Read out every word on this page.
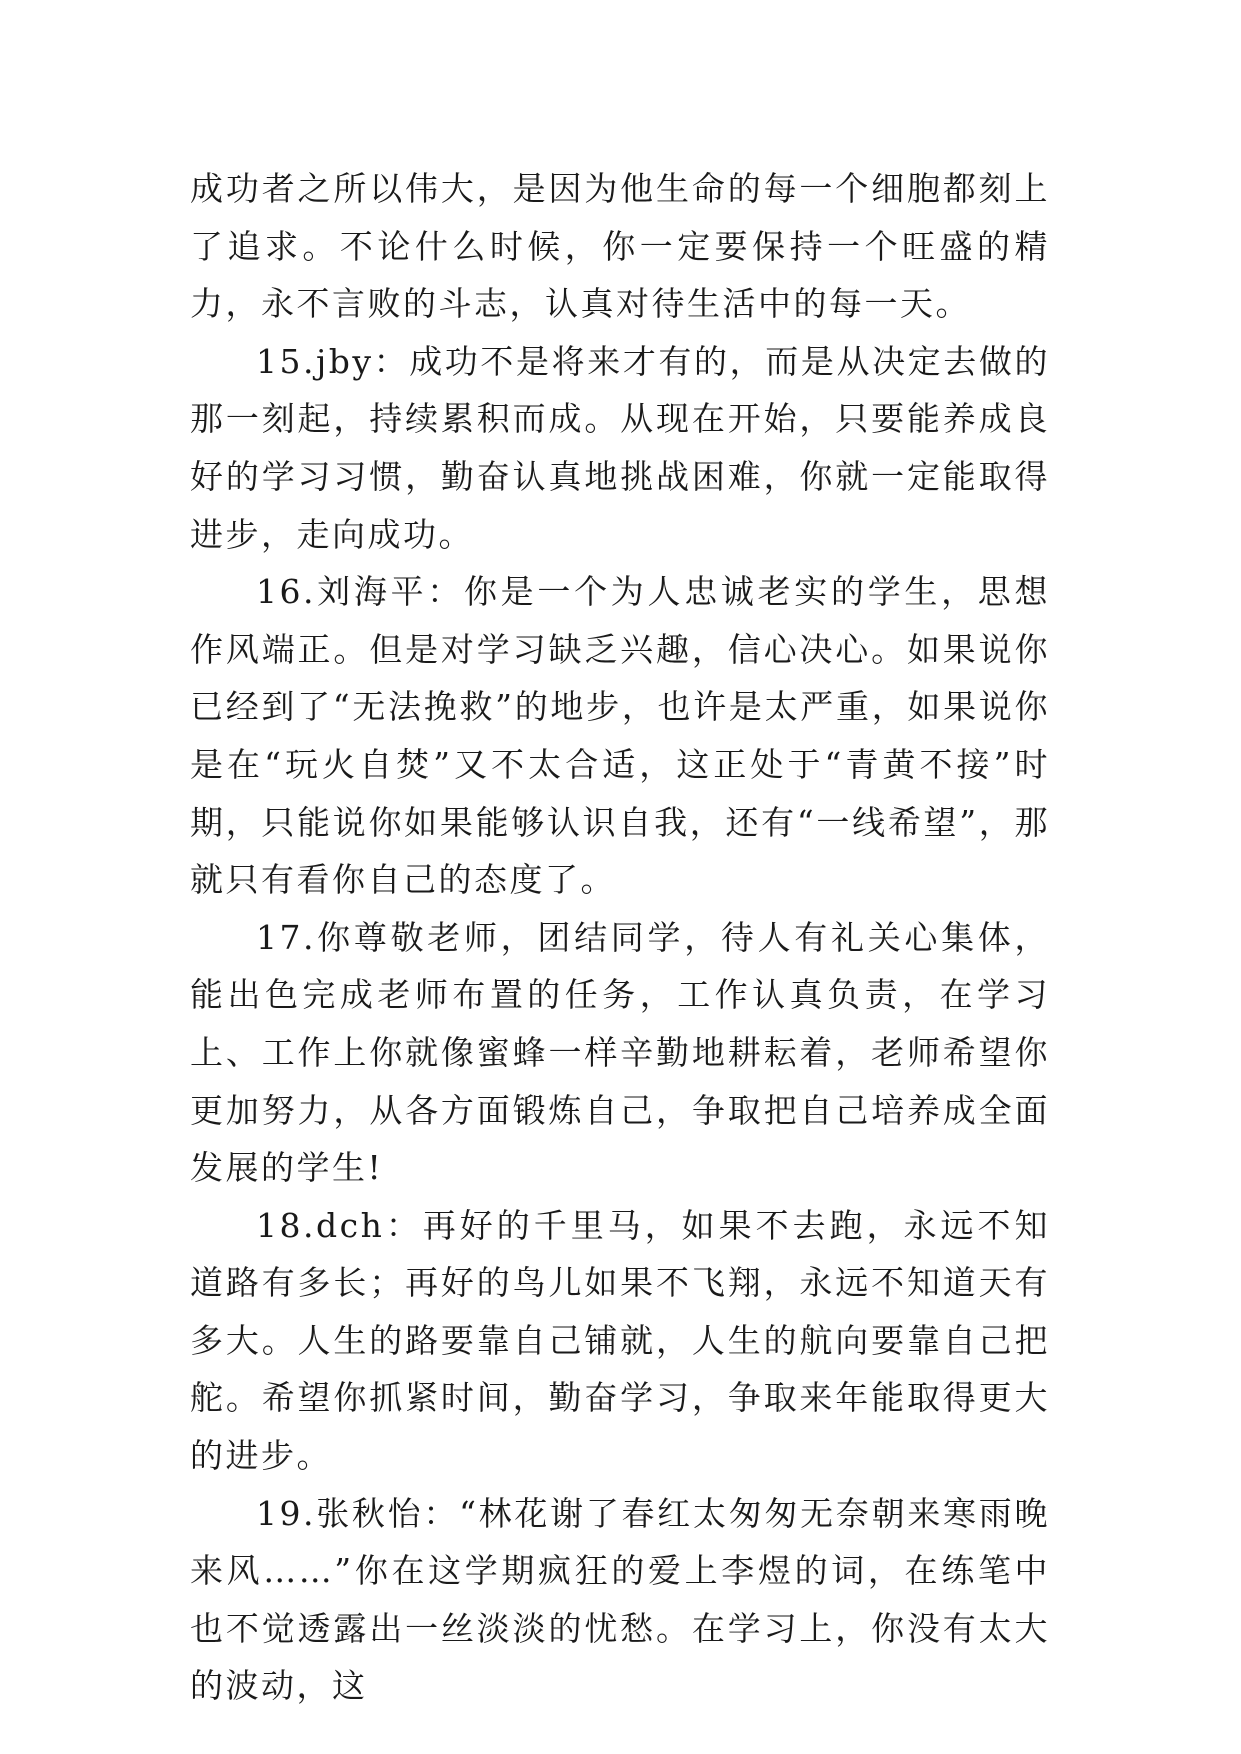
成功者之所以伟大，是因为他生命的每一个细胞都刻上了追求。不论什么时候，你一定要保持一个旺盛的精力，永不言败的斗志，认真对待生活中的每一天。

15.jby：成功不是将来才有的，而是从决定去做的那一刻起，持续累积而成。从现在开始，只要能养成良好的学习习惯，勤奋认真地挑战困难，你就一定能取得进步，走向成功。

16.刘海平：你是一个为人忠诚老实的学生，思想作风端正。但是对学习缺乏兴趣，信心决心。如果说你已经到了“无法挽救”的地步，也许是太严重，如果说你是在“玩火自焚”又不太合适，这正处于“青黄不接”时期，只能说你如果能够认识自我，还有“一线希望”，那就只有看你自己的态度了。

17.你尊敬老师，团结同学，待人有礼关心集体，能出色完成老师布置的任务，工作认真负责，在学习上、工作上你就像蜜蜂一样辛勤地耕耘着，老师希望你更加努力，从各方面锻炼自己，争取把自己培养成全面发展的学生!

18.dch：再好的千里马，如果不去跑，永远不知道路有多长；再好的鸟儿如果不飞翔，永远不知道天有多大。人生的路要靠自己铺就，人生的航向要靠自己把舵。希望你抓紧时间，勤奋学习，争取来年能取得更大的进步。

19.张秋怡：“林花谢了春红太匆匆无奈朝来寒雨晚来风……”你在这学期疯狂的爱上李煜的词，在练笔中也不觉透露出一丝淡淡的忧愁。在学习上，你没有太大的波动，这
